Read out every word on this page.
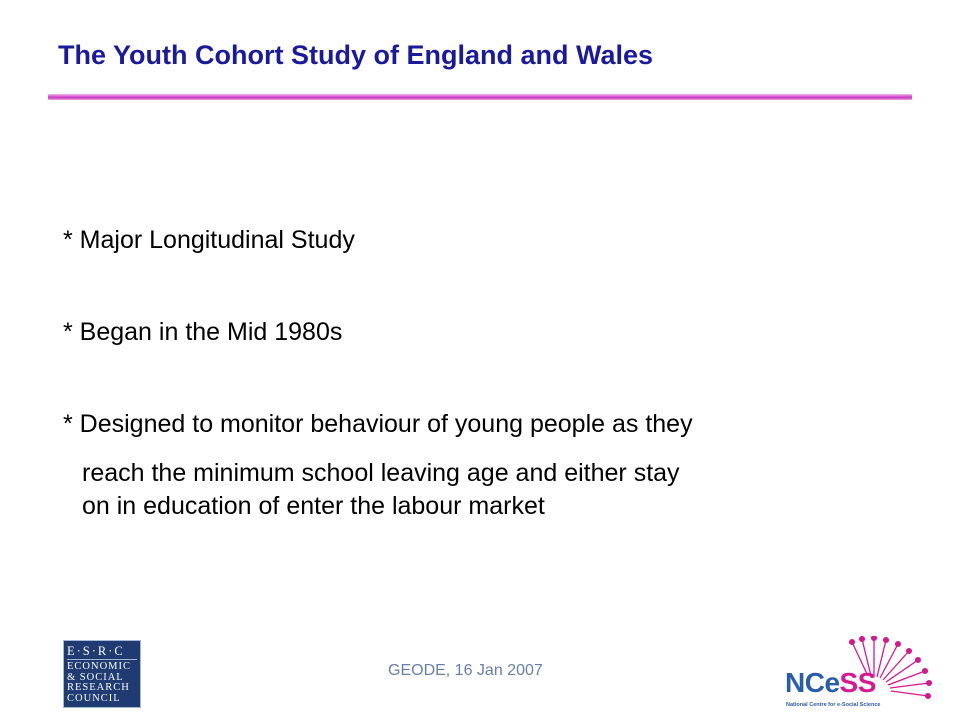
The Youth Cohort Study of England and Wales
* Major Longitudinal Study
* Began in the Mid 1980s
* Designed to monitor behaviour of young people as they
reach the minimum school leaving age and either stay
on in education of enter the labour market
E·S·R·C
ECONOMIC
& SOCIAL
RESEARCH
COUNCIL
GEODE, 16 Jan 2007	NCeSS
National Centre for e-Social Science
